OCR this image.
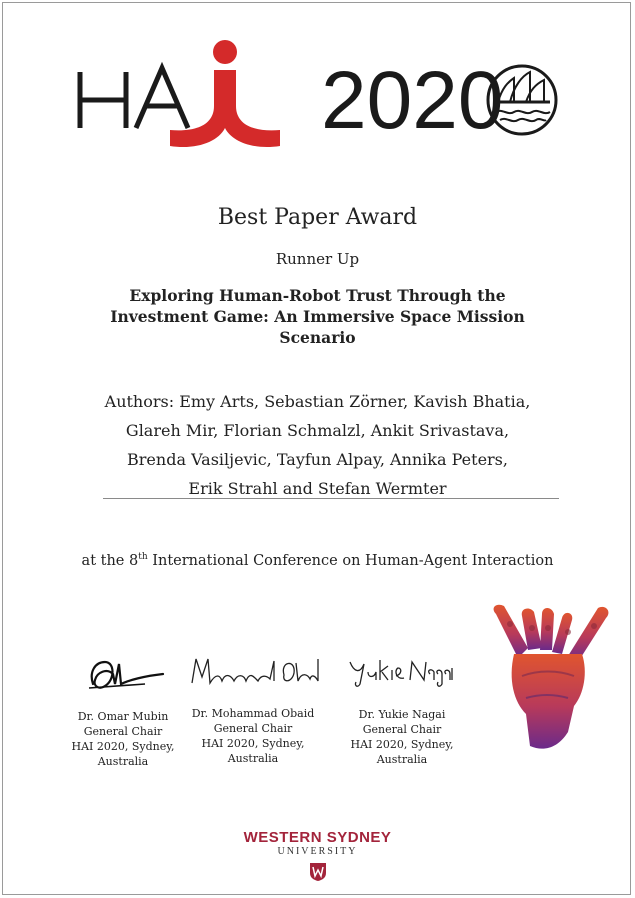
2020
Best Paper Award
Runner Up
Exploring Human-Robot Trust Through the
Investment Game: An Immersive Space Mission
Scenario
Authors: Emy Arts, Sebastian Zörner, Kavish Bhatia,
Glareh Mir, Florian Schmalzl, Ankit Srivastava,
Brenda Vasiljevic, Tayfun Alpay, Annika Peters,
Erik Strahl and Stefan Wermter
at the 8th International Conference on Human-Agent Interaction
Dr. Omar Mubin
General Chair
HAI 2020, Sydney,
Australia
Dr. Mohammad Obaid
General Chair
HAI 2020, Sydney,
Australia
Dr. Yukie Nagai
General Chair
HAI 2020, Sydney,
Australia
WESTERN SYDNEY
UNIVERSITY
